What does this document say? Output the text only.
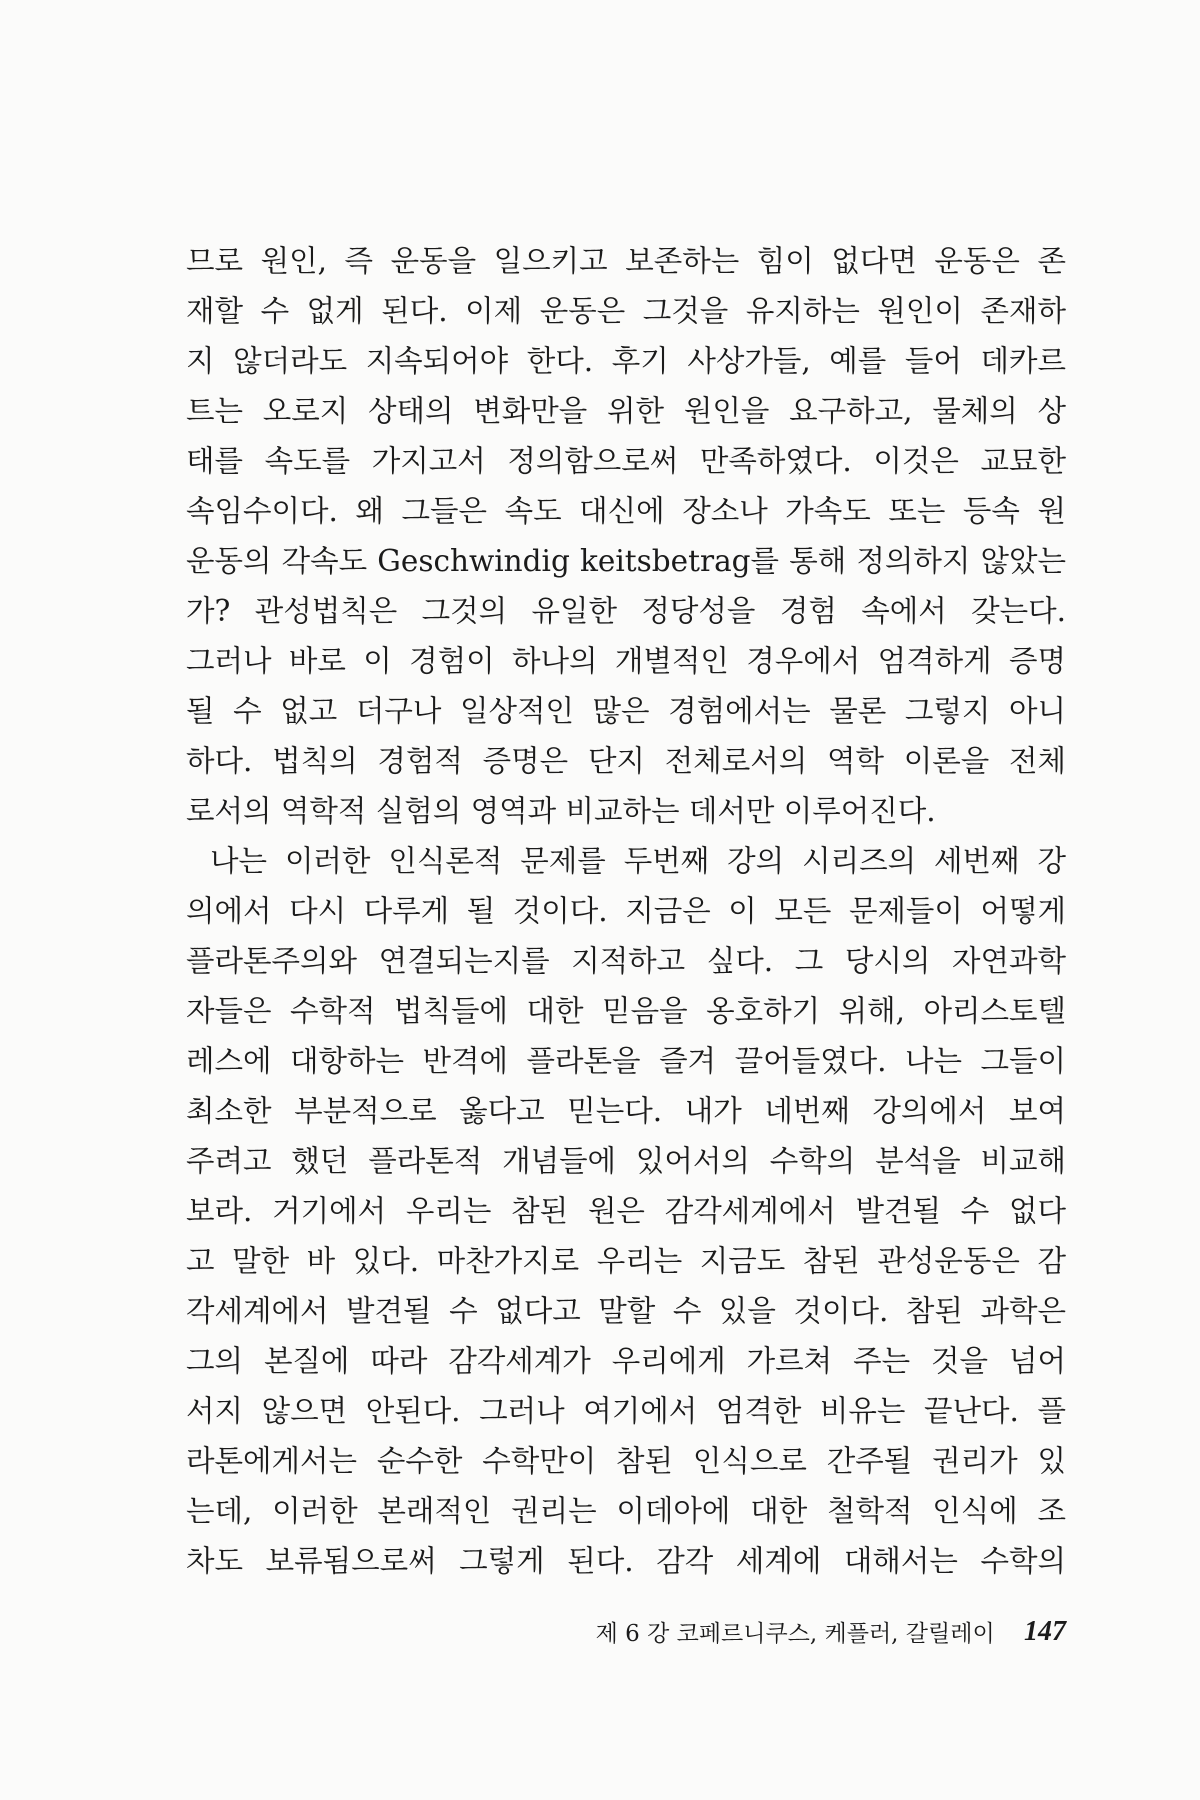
므로 원인, 즉 운동을 일으키고 보존하는 힘이 없다면 운동은 존
재할 수 없게 된다. 이제 운동은 그것을 유지하는 원인이 존재하
지 않더라도 지속되어야 한다. 후기 사상가들, 예를 들어 데카르
트는 오로지 상태의 변화만을 위한 원인을 요구하고, 물체의 상
태를 속도를 가지고서 정의함으로써 만족하였다. 이것은 교묘한
속임수이다. 왜 그들은 속도 대신에 장소나 가속도 또는 등속 원
운동의 각속도 Geschwindig keitsbetrag를 통해 정의하지 않았는
가? 관성법칙은 그것의 유일한 정당성을 경험 속에서 갖는다.
그러나 바로 이 경험이 하나의 개별적인 경우에서 엄격하게 증명
될 수 없고 더구나 일상적인 많은 경험에서는 물론 그렇지 아니
하다. 법칙의 경험적 증명은 단지 전체로서의 역학 이론을 전체
로서의 역학적 실험의 영역과 비교하는 데서만 이루어진다.
나는 이러한 인식론적 문제를 두번째 강의 시리즈의 세번째 강
의에서 다시 다루게 될 것이다. 지금은 이 모든 문제들이 어떻게
플라톤주의와 연결되는지를 지적하고 싶다. 그 당시의 자연과학
자들은 수학적 법칙들에 대한 믿음을 옹호하기 위해, 아리스토텔
레스에 대항하는 반격에 플라톤을 즐겨 끌어들였다. 나는 그들이
최소한 부분적으로 옳다고 믿는다. 내가 네번째 강의에서 보여
주려고 했던 플라톤적 개념들에 있어서의 수학의 분석을 비교해
보라. 거기에서 우리는 참된 원은 감각세계에서 발견될 수 없다
고 말한 바 있다. 마찬가지로 우리는 지금도 참된 관성운동은 감
각세계에서 발견될 수 없다고 말할 수 있을 것이다. 참된 과학은
그의 본질에 따라 감각세계가 우리에게 가르쳐 주는 것을 넘어
서지 않으면 안된다. 그러나 여기에서 엄격한 비유는 끝난다. 플
라톤에게서는 순수한 수학만이 참된 인식으로 간주될 권리가 있
는데, 이러한 본래적인 권리는 이데아에 대한 철학적 인식에 조
차도 보류됨으로써 그렇게 된다. 감각 세계에 대해서는 수학의
제 6 강 코페르니쿠스, 케플러, 갈릴레이 147
